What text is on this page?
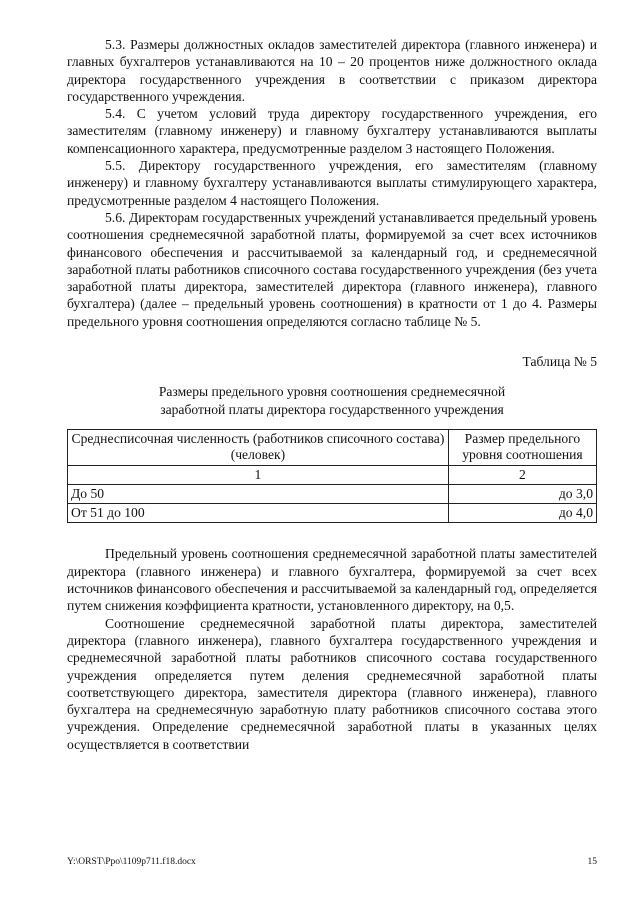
5.3. Размеры должностных окладов заместителей директора (главного инженера) и главных бухгалтеров устанавливаются на 10 – 20 процентов ниже должностного оклада директора государственного учреждения в соответствии с приказом директора государственного учреждения.

5.4. С учетом условий труда директору государственного учреждения, его заместителям (главному инженеру) и главному бухгалтеру устанавливаются выплаты компенсационного характера, предусмотренные разделом 3 настоящего Положения.

5.5. Директору государственного учреждения, его заместителям (главному инженеру) и главному бухгалтеру устанавливаются выплаты стимулирующего характера, предусмотренные разделом 4 настоящего Положения.

5.6. Директорам государственных учреждений устанавливается предельный уровень соотношения среднемесячной заработной платы, формируемой за счет всех источников финансового обеспечения и рассчитываемой за календарный год, и среднемесячной заработной платы работников списочного состава государственного учреждения (без учета заработной платы директора, заместителей директора (главного инженера), главного бухгалтера) (далее – предельный уровень соотношения) в кратности от 1 до 4. Размеры предельного уровня соотношения определяются согласно таблице № 5.

Таблица № 5
Размеры предельного уровня соотношения среднемесячной
заработной платы директора государственного учреждения
Среднесписочная численность (работников списочного состава) (человек)	Размер предельного уровня соотношения
1	2
До 50	до 3,0
От 51 до 100	до 4,0

Предельный уровень соотношения среднемесячной заработной платы заместителей директора (главного инженера) и главного бухгалтера, формируемой за счет всех источников финансового обеспечения и рассчитываемой за календарный год, определяется путем снижения коэффициента кратности, установленного директору, на 0,5.

Соотношение среднемесячной заработной платы директора, заместителей директора (главного инженера), главного бухгалтера государственного учреждения и среднемесячной заработной платы работников списочного состава государственного учреждения определяется путем деления среднемесячной заработной платы соответствующего директора, заместителя директора (главного инженера), главного бухгалтера на среднемесячную заработную плату работников списочного состава этого учреждения. Определение среднемесячной заработной платы в указанных целях осуществляется в соответствии

Y:\ORST\Ppo\1109p711.f18.docx	15
